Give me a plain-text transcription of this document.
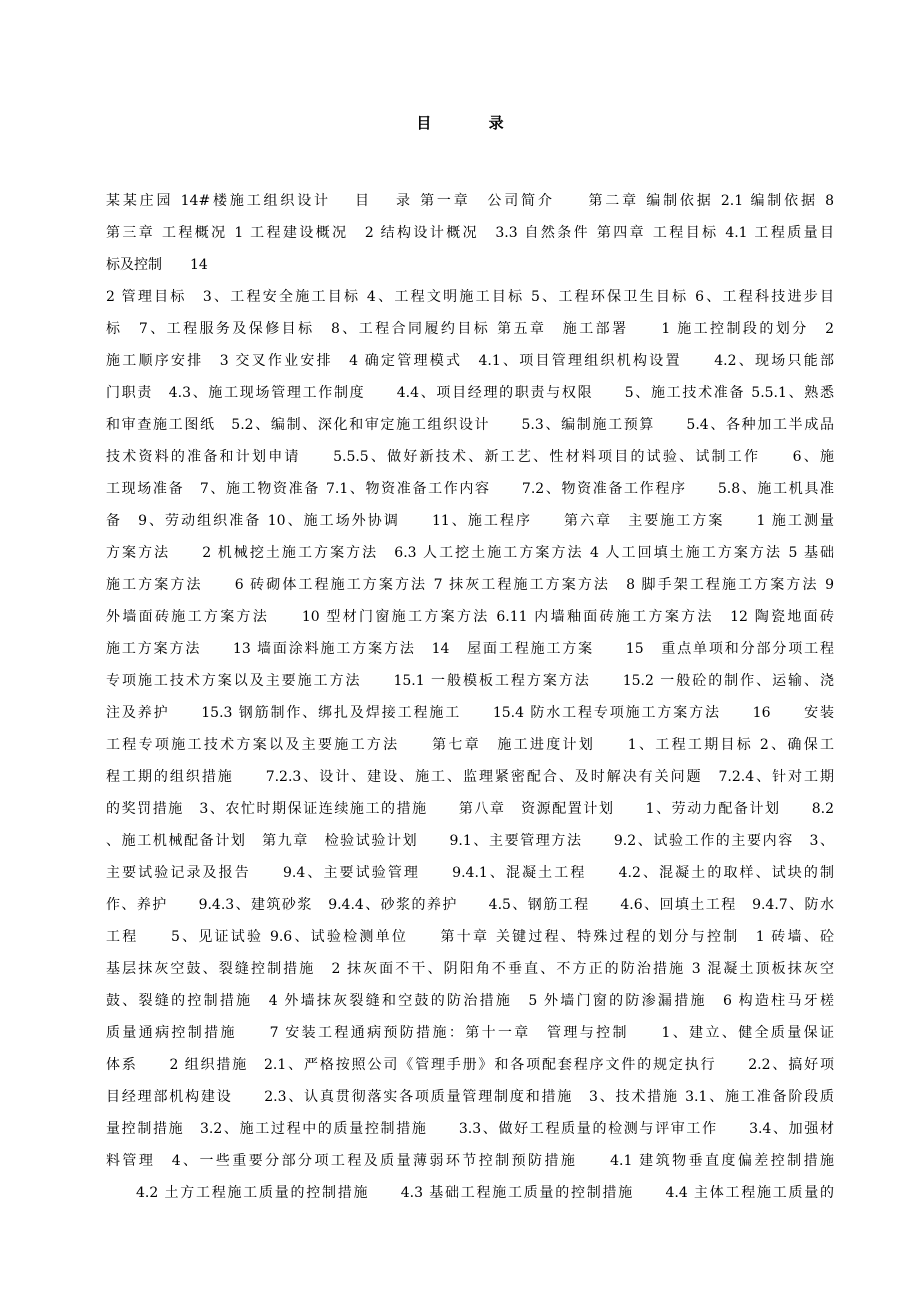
目 录
某某庄园 14#楼施工组织设计　 目　 录 第一章　公司简介　　第二章 编制依据 2.1 编制依据 8
第三章 工程概况 1 工程建设概况　2 结构设计概况　3.3 自然条件 第四章 工程目标 4.1 工程质量目
标及控制　　14
2 管理目标　3、工程安全施工目标 4、工程文明施工目标 5、工程环保卫生目标 6、工程科技进步目
标　7、工程服务及保修目标　8、工程合同履约目标 第五章　施工部署　　1 施工控制段的划分　2
施工顺序安排　3 交叉作业安排　4 确定管理模式　4.1、项目管理组织机构设置　　4.2、现场只能部
门职责　4.3、施工现场管理工作制度　　4.4、项目经理的职责与权限　　5、施工技术准备 5.5.1、熟悉
和审查施工图纸　5.2、编制、深化和审定施工组织设计　　5.3、编制施工预算　　5.4、各种加工半成品
技术资料的准备和计划申请　　5.5.5、做好新技术、新工艺、性材料项目的试验、试制工作　　6、施
工现场准备　7、施工物资准备 7.1、物资准备工作内容　　7.2、物资准备工作程序　　5.8、施工机具准
备　9、劳动组织准备 10、施工场外协调　　11、施工程序　　第六章　主要施工方案　　1 施工测量
方案方法　　2 机械挖土施工方案方法　6.3 人工挖土施工方案方法 4 人工回填土施工方案方法 5 基础
施工方案方法　　6 砖砌体工程施工方案方法 7 抹灰工程施工方案方法　8 脚手架工程施工方案方法 9
外墙面砖施工方案方法　　10 型材门窗施工方案方法 6.11 内墙釉面砖施工方案方法　12 陶瓷地面砖
施工方案方法　　13 墙面涂料施工方案方法　14　屋面工程施工方案　　15　重点单项和分部分项工程
专项施工技术方案以及主要施工方法　　15.1 一般模板工程方案方法　　15.2 一般砼的制作、运输、浇
注及养护　　15.3 钢筋制作、绑扎及焊接工程施工　　15.4 防水工程专项施工方案方法　　16　　安装
工程专项施工技术方案以及主要施工方法　　第七章　施工进度计划　　1、工程工期目标 2、确保工
程工期的组织措施　　7.2.3、设计、建设、施工、监理紧密配合、及时解决有关问题　7.2.4、针对工期
的奖罚措施　3、农忙时期保证连续施工的措施　　第八章　资源配置计划　　1、劳动力配备计划　　8.2
、施工机械配备计划　第九章　检验试验计划　　9.1、主要管理方法　　9.2、试验工作的主要内容　3、
主要试验记录及报告　　9.4、主要试验管理　　9.4.1、混凝土工程　　4.2、混凝土的取样、试块的制
作、养护　　9.4.3、建筑砂浆　9.4.4、砂浆的养护　　4.5、钢筋工程　　4.6、回填土工程　9.4.7、防水
工程　　5、见证试验 9.6、试验检测单位　　第十章 关键过程、特殊过程的划分与控制　1 砖墙、砼
基层抹灰空鼓、裂缝控制措施　2 抹灰面不干、阴阳角不垂直、不方正的防治措施 3 混凝土顶板抹灰空
鼓、裂缝的控制措施　4 外墙抹灰裂缝和空鼓的防治措施　5 外墙门窗的防渗漏措施　6 构造柱马牙槎
质量通病控制措施　　7 安装工程通病预防措施：第十一章　管理与控制　　1、建立、健全质量保证
体系　　2 组织措施　2.1、严格按照公司《管理手册》和各项配套程序文件的规定执行　　2.2、搞好项
目经理部机构建设　　2.3、认真贯彻落实各项质量管理制度和措施　3、技术措施 3.1、施工准备阶段质
量控制措施　3.2、施工过程中的质量控制措施　　3.3、做好工程质量的检测与评审工作　　3.4、加强材
料管理　4、一些重要分部分项工程及质量薄弱环节控制预防措施　　4.1 建筑物垂直度偏差控制措施
4.2 土方工程施工质量的控制措施　　4.3 基础工程施工质量的控制措施　　4.4 主体工程施工质量的
